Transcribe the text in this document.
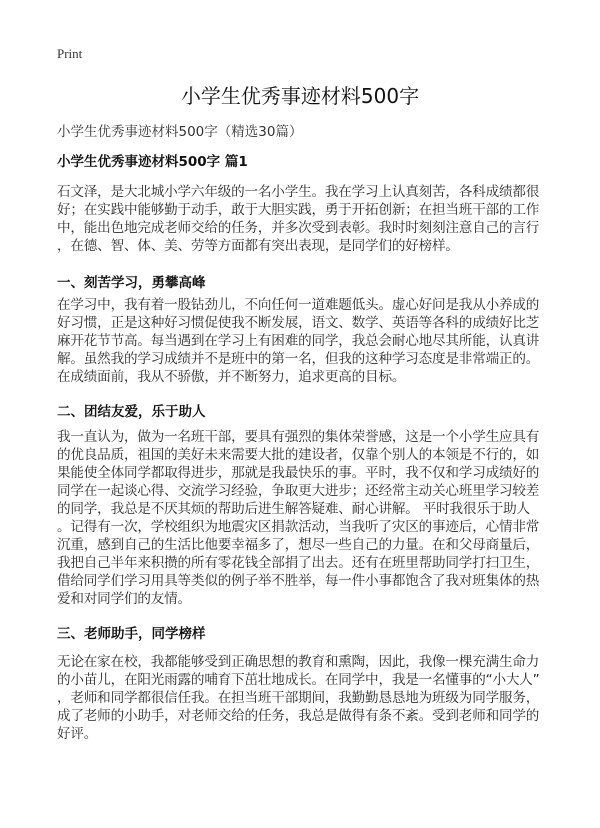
Print
小学生优秀事迹材料500字
小学生优秀事迹材料500字（精选30篇）
小学生优秀事迹材料500字 篇1
石文泽，是大北城小学六年级的一名小学生。我在学习上认真刻苦，各科成绩都很
好；在实践中能够勤于动手，敢于大胆实践，勇于开拓创新；在担当班干部的工作
中，能出色地完成老师交给的任务，并多次受到表彰。我时时刻刻注意自己的言行
，在德、智、体、美、劳等方面都有突出表现，是同学们的好榜样。
一、刻苦学习，勇攀高峰
在学习中，我有着一股钻劲儿，不向任何一道难题低头。虚心好问是我从小养成的
好习惯，正是这种好习惯促使我不断发展，语文、数学、英语等各科的成绩好比芝
麻开花节节高。每当遇到在学习上有困难的同学，我总会耐心地尽其所能，认真讲
解。虽然我的学习成绩并不是班中的第一名，但我的这种学习态度是非常端正的。
在成绩面前，我从不骄傲，并不断努力，追求更高的目标。
二、团结友爱，乐于助人
我一直认为，做为一名班干部，要具有强烈的集体荣誉感，这是一个小学生应具有
的优良品质，祖国的美好未来需要大批的建设者，仅靠个别人的本领是不行的，如
果能使全体同学都取得进步，那就是我最快乐的事。平时，我不仅和学习成绩好的
同学在一起谈心得、交流学习经验，争取更大进步；还经常主动关心班里学习较差
的同学，我总是不厌其烦的帮助后进生解答疑难、耐心讲解。 平时我很乐于助人
。记得有一次，学校组织为地震灾区捐款活动，当我听了灾区的事迹后，心情非常
沉重，感到自己的生活比他要幸福多了，想尽一些自己的力量。在和父母商量后，
我把自己半年来积攒的所有零花钱全部捐了出去。还有在班里帮助同学打扫卫生，
借给同学们学习用具等类似的例子举不胜举，每一件小事都饱含了我对班集体的热
爱和对同学们的友情。
三、老师助手，同学榜样
无论在家在校，我都能够受到正确思想的教育和熏陶，因此，我像一棵充满生命力
的小苗儿，在阳光雨露的哺育下茁壮地成长。在同学中，我是一名懂事的“小大人”
，老师和同学都很信任我。在担当班干部期间，我勤勤恳恳地为班级为同学服务，
成了老师的小助手，对老师交给的任务，我总是做得有条不紊。受到老师和同学的
好评。
